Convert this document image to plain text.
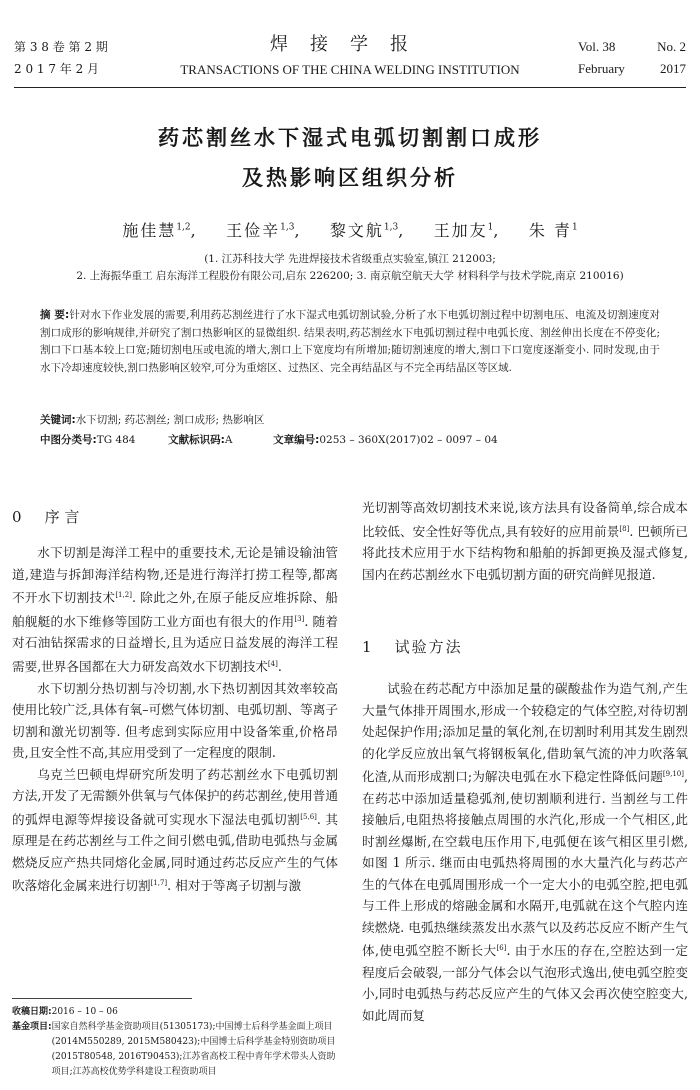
第 3 8 卷 第 2 期
2 0 1 7 年 2 月
焊接学报
TRANSACTIONS OF THE CHINA WELDING INSTITUTION
Vol. 38	No. 2
February	2017
药芯割丝水下湿式电弧切割割口成形
及热影响区组织分析
施佳慧$^{1,2}$,    王俭辛$^{1,3}$,    黎文航$^{1,3}$,    王加友$^1$,    朱 青$^1$
(1. 江苏科技大学 先进焊接技术省级重点实验室,镇江 212003;
2. 上海振华重工 启东海洋工程股份有限公司,启东 226200; 3. 南京航空航天大学 材料科学与技术学院,南京 210016)
摘 要:针对水下作业发展的需要,利用药芯割丝进行了水下湿式电弧切割试验,分析了水下电弧切割过程中切割电压、电流及切割速度对割口成形的影响规律,并研究了割口热影响区的显微组织. 结果表明,药芯割丝水下电弧切割过程中电弧长度、割丝伸出长度在不停变化;割口下口基本较上口宽;随切割电压或电流的增大,割口上下宽度均有所增加;随切割速度的增大,割口下口宽度逐渐变小. 同时发现,由于水下冷却速度较快,割口热影响区较窄,可分为重熔区、过热区、完全再结晶区与不完全再结晶区等区域.
关键词:水下切割; 药芯割丝; 割口成形; 热影响区
中图分类号:TG 484	文献标识码:A	文章编号:0253 – 360X(2017)02 – 0097 – 04
0 序 言

水下切割是海洋工程中的重要技术,无论是铺设输油管道,建造与拆卸海洋结构物,还是进行海洋打捞工程等,都离不开水下切割技术[1,2]. 除此之外,在原子能反应堆拆除、船舶舰艇的水下维修等国防工业方面也有很大的作用[3]. 随着对石油钻探需求的日益增长,且为适应日益发展的海洋工程需要,世界各国都在大力研发高效水下切割技术[4].

水下切割分热切割与冷切割,水下热切割因其效率较高使用比较广泛,具体有氧–可燃气体切割、电弧切割、等离子切割和激光切割等. 但考虑到实际应用中设备笨重,价格昂贵,且安全性不高,其应用受到了一定程度的限制.

乌克兰巴顿电焊研究所发明了药芯割丝水下电弧切割方法,开发了无需额外供氧与气体保护的药芯割丝,使用普通的弧焊电源等焊接设备就可实现水下湿法电弧切割[5,6]. 其原理是在药芯割丝与工件之间引燃电弧,借助电弧热与金属燃烧反应产热共同熔化金属,同时通过药芯反应产生的气体吹落熔化金属来进行切割[1,7]. 相对于等离子切割与激

收稿日期: 2016 – 10 – 06
基金项目: 国家自然科学基金资助项目(51305173);中国博士后科学基金面上项目(2014M550289, 2015M580423);中国博士后科学基金特别资助项目(2015T80548, 2016T90453);江苏省高校工程中青年学术带头人资助项目;江苏高校优势学科建设工程资助项目

光切割等高效切割技术来说,该方法具有设备简单,综合成本比较低、安全性好等优点,具有较好的应用前景[8]. 巴顿所已将此技术应用于水下结构物和船舶的拆卸更换及湿式修复,国内在药芯割丝水下电弧切割方面的研究尚鲜见报道.

1 试验方法

试验在药芯配方中添加足量的碳酸盐作为造气剂,产生大量气体排开周围水,形成一个较稳定的气体空腔,对待切割处起保护作用;添加足量的氧化剂,在切割时利用其发生剧烈的化学反应放出氧气将钢板氧化,借助氧气流的冲力吹落氧化渣,从而形成割口;为解决电弧在水下稳定性降低问题[9,10],在药芯中添加适量稳弧剂,使切割顺利进行. 当割丝与工件接触后,电阻热将接触点周围的水汽化,形成一个气相区,此时割丝爆断,在空载电压作用下,电弧便在该气相区里引燃,如图 1 所示. 继而由电弧热将周围的水大量汽化与药芯产生的气体在电弧周围形成一个一定大小的电弧空腔,把电弧与工件上形成的熔融金属和水隔开,电弧就在这个气腔内连续燃烧. 电弧热继续蒸发出水蒸气以及药芯反应不断产生气体,使电弧空腔不断长大[6]. 由于水压的存在,空腔达到一定程度后会破裂,一部分气体会以气泡形式逸出,使电弧空腔变小,同时电弧热与药芯反应产生的气体又会再次使空腔变大,如此周而复
